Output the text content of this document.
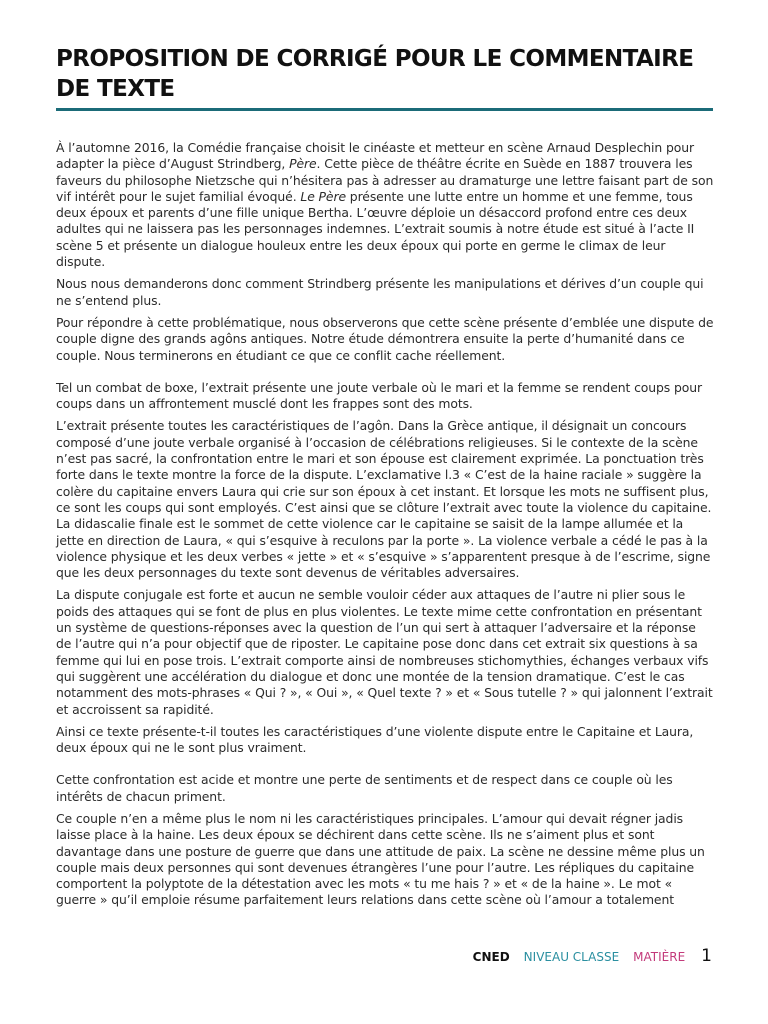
PROPOSITION DE CORRIGÉ POUR LE COMMENTAIRE DE TEXTE

À l’automne 2016, la Comédie française choisit le cinéaste et metteur en scène Arnaud Desplechin pour adapter la pièce d’August Strindberg, Père. Cette pièce de théâtre écrite en Suède en 1887 trouvera les faveurs du philosophe Nietzsche qui n’hésitera pas à adresser au dramaturge une lettre faisant part de son vif intérêt pour le sujet familial évoqué. Le Père présente une lutte entre un homme et une femme, tous deux époux et parents d’une fille unique Bertha. L’œuvre déploie un désaccord profond entre ces deux adultes qui ne laissera pas les personnages indemnes. L’extrait soumis à notre étude est situé à l’acte II scène 5 et présente un dialogue houleux entre les deux époux qui porte en germe le climax de leur dispute.

Nous nous demanderons donc comment Strindberg présente les manipulations et dérives d’un couple qui ne s’entend plus.

Pour répondre à cette problématique, nous observerons que cette scène présente d’emblée une dispute de couple digne des grands agôns antiques. Notre étude démontrera ensuite la perte d’humanité dans ce couple. Nous terminerons en étudiant ce que ce conflit cache réellement.

Tel un combat de boxe, l’extrait présente une joute verbale où le mari et la femme se rendent coups pour coups dans un affrontement musclé dont les frappes sont des mots.

L’extrait présente toutes les caractéristiques de l’agôn. Dans la Grèce antique, il désignait un concours composé d’une joute verbale organisé à l’occasion de célébrations religieuses. Si le contexte de la scène n’est pas sacré, la confrontation entre le mari et son épouse est clairement exprimée. La ponctuation très forte dans le texte montre la force de la dispute. L’exclamative l.3 « C’est de la haine raciale » suggère la colère du capitaine envers Laura qui crie sur son époux à cet instant. Et lorsque les mots ne suffisent plus, ce sont les coups qui sont employés. C’est ainsi que se clôture l’extrait avec toute la violence du capitaine. La didascalie finale est le sommet de cette violence car le capitaine se saisit de la lampe allumée et la jette en direction de Laura, « qui s’esquive à reculons par la porte ». La violence verbale a cédé le pas à la violence physique et les deux verbes « jette » et « s’esquive » s’apparentent presque à de l’escrime, signe que les deux personnages du texte sont devenus de véritables adversaires.

La dispute conjugale est forte et aucun ne semble vouloir céder aux attaques de l’autre ni plier sous le poids des attaques qui se font de plus en plus violentes. Le texte mime cette confrontation en présentant un système de questions-réponses avec la question de l’un qui sert à attaquer l’adversaire et la réponse de l’autre qui n’a pour objectif que de riposter. Le capitaine pose donc dans cet extrait six questions à sa femme qui lui en pose trois. L’extrait comporte ainsi de nombreuses stichomythies, échanges verbaux vifs qui suggèrent une accélération du dialogue et donc une montée de la tension dramatique. C’est le cas notamment des mots-phrases « Qui ? », « Oui », « Quel texte ? » et « Sous tutelle ? » qui jalonnent l’extrait et accroissent sa rapidité.

Ainsi ce texte présente-t-il toutes les caractéristiques d’une violente dispute entre le Capitaine et Laura, deux époux qui ne le sont plus vraiment.

Cette confrontation est acide et montre une perte de sentiments et de respect dans ce couple où les intérêts de chacun priment.

Ce couple n’en a même plus le nom ni les caractéristiques principales. L’amour qui devait régner jadis laisse place à la haine. Les deux époux se déchirent dans cette scène. Ils ne s’aiment plus et sont davantage dans une posture de guerre que dans une attitude de paix. La scène ne dessine même plus un couple mais deux personnes qui sont devenues étrangères l’une pour l’autre. Les répliques du capitaine comportent la polyptote de la détestation avec les mots « tu me hais ? » et « de la haine ». Le mot « guerre » qu’il emploie résume parfaitement leurs relations dans cette scène où l’amour a totalement

CNED NIVEAU CLASSE MATIÈRE 1
